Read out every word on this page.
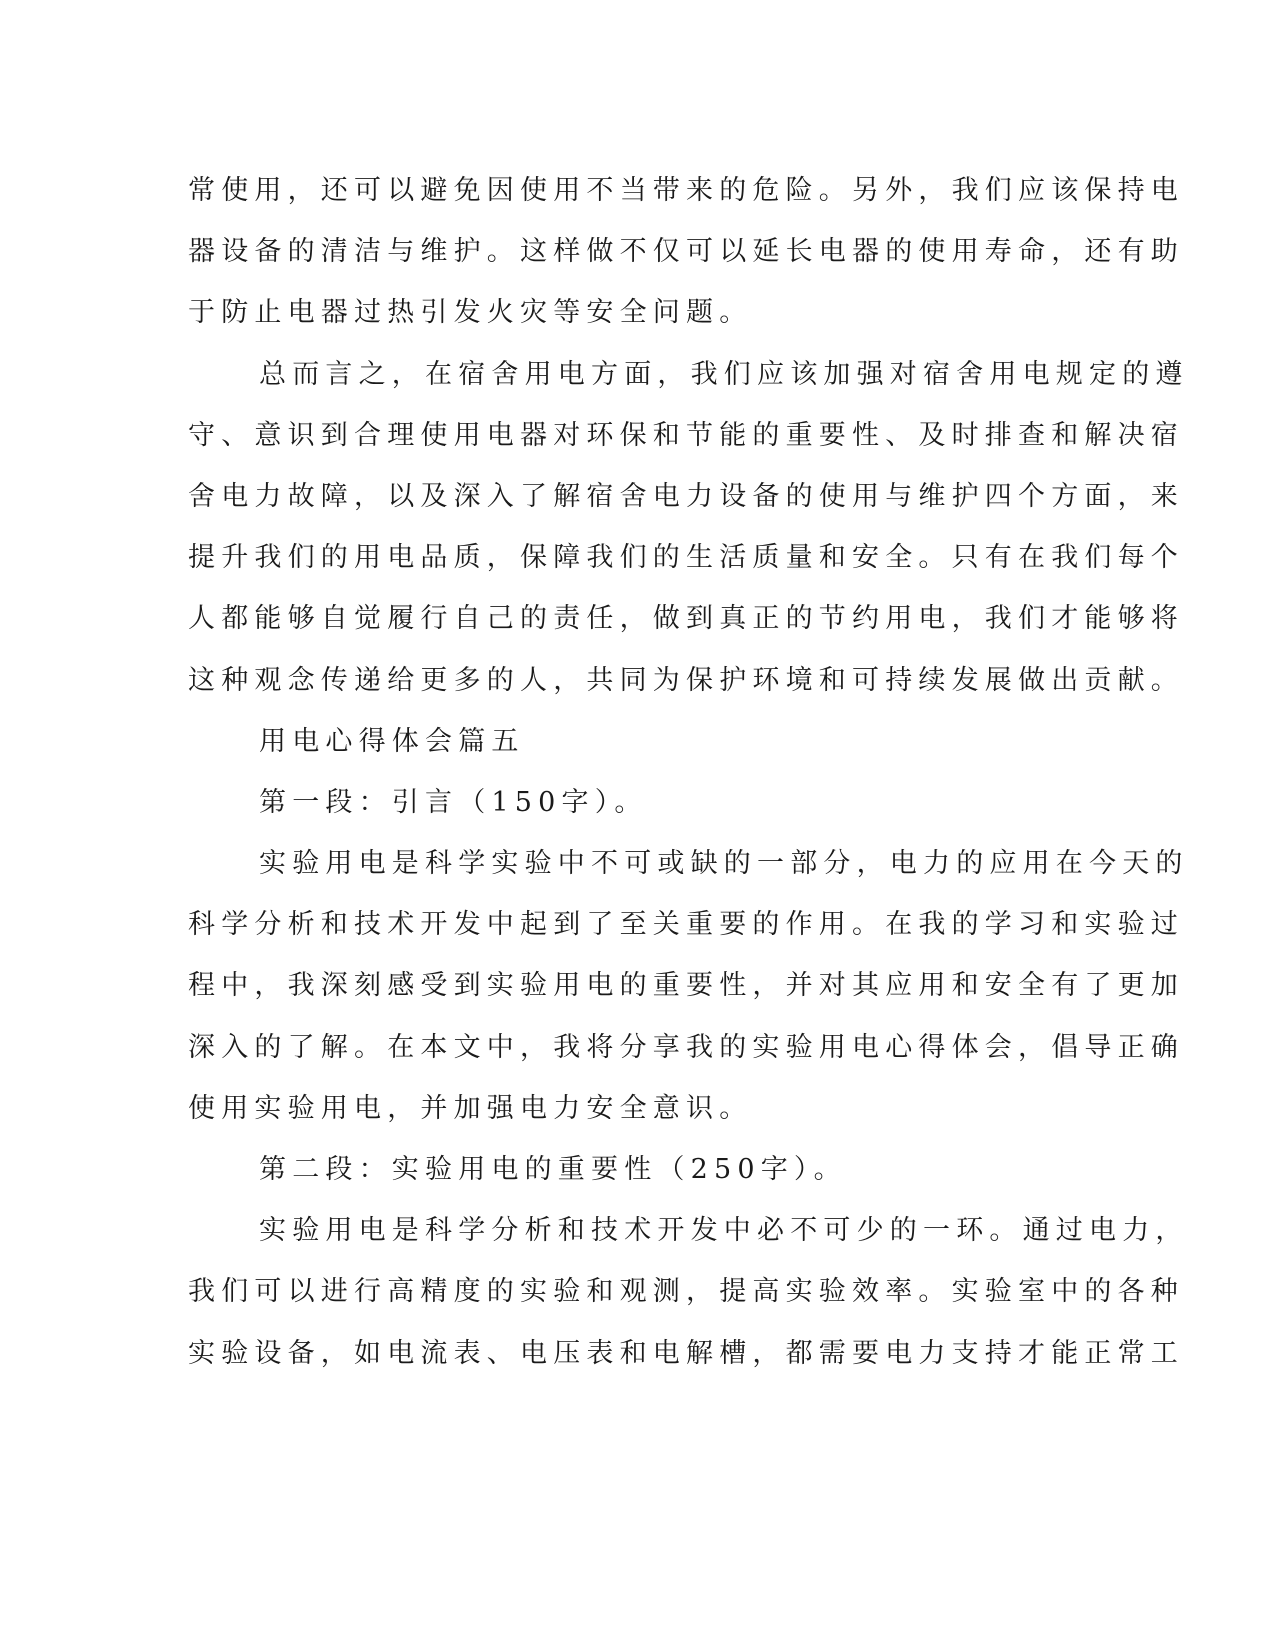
常使用，还可以避免因使用不当带来的危险。另外，我们应该保持电
器设备的清洁与维护。这样做不仅可以延长电器的使用寿命，还有助
于防止电器过热引发火灾等安全问题。
总而言之，在宿舍用电方面，我们应该加强对宿舍用电规定的遵
守、意识到合理使用电器对环保和节能的重要性、及时排查和解决宿
舍电力故障，以及深入了解宿舍电力设备的使用与维护四个方面，来
提升我们的用电品质，保障我们的生活质量和安全。只有在我们每个
人都能够自觉履行自己的责任，做到真正的节约用电，我们才能够将
这种观念传递给更多的人，共同为保护环境和可持续发展做出贡献。
用电心得体会篇五
第一段：引言（150字）。
实验用电是科学实验中不可或缺的一部分，电力的应用在今天的
科学分析和技术开发中起到了至关重要的作用。在我的学习和实验过
程中，我深刻感受到实验用电的重要性，并对其应用和安全有了更加
深入的了解。在本文中，我将分享我的实验用电心得体会，倡导正确
使用实验用电，并加强电力安全意识。
第二段：实验用电的重要性（250字）。
实验用电是科学分析和技术开发中必不可少的一环。通过电力，
我们可以进行高精度的实验和观测，提高实验效率。实验室中的各种
实验设备，如电流表、电压表和电解槽，都需要电力支持才能正常工
